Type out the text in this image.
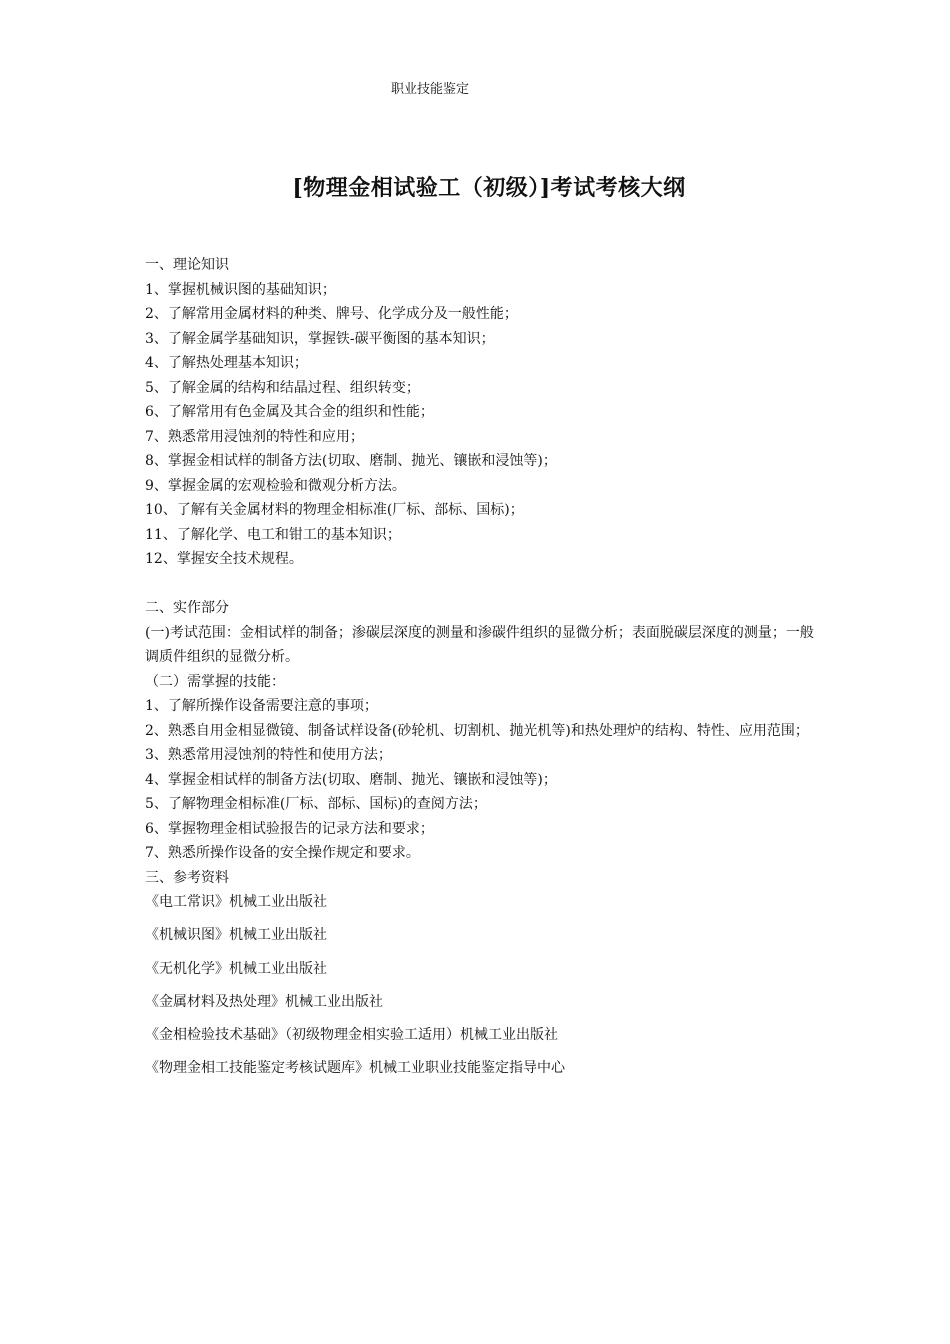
职业技能鉴定
[物理金相试验工（初级）]考试考核大纲
一、理论知识
1、掌握机械识图的基础知识；
2、了解常用金属材料的种类、牌号、化学成分及一般性能；
3、了解金属学基础知识，掌握铁-碳平衡图的基本知识；
4、了解热处理基本知识；
5、了解金属的结构和结晶过程、组织转变；
6、了解常用有色金属及其合金的组织和性能；
7、熟悉常用浸蚀剂的特性和应用；
8、掌握金相试样的制备方法(切取、磨制、抛光、镶嵌和浸蚀等)；
9、掌握金属的宏观检验和微观分析方法。
10、了解有关金属材料的物理金相标准(厂标、部标、国标)；
11、了解化学、电工和钳工的基本知识；
12、掌握安全技术规程。
二、实作部分
(一)考试范围：金相试样的制备；渗碳层深度的测量和渗碳件组织的显微分析；表面脱碳层深度的测量；一般调质件组织的显微分析。
（二）需掌握的技能：
1、了解所操作设备需要注意的事项；
2、熟悉自用金相显微镜、制备试样设备(砂轮机、切割机、抛光机等)和热处理炉的结构、特性、应用范围；
3、熟悉常用浸蚀剂的特性和使用方法；
4、掌握金相试样的制备方法(切取、磨制、抛光、镶嵌和浸蚀等)；
5、了解物理金相标准(厂标、部标、国标)的查阅方法；
6、掌握物理金相试验报告的记录方法和要求；
7、熟悉所操作设备的安全操作规定和要求。
三、参考资料
《电工常识》机械工业出版社
《机械识图》机械工业出版社
《无机化学》机械工业出版社
《金属材料及热处理》机械工业出版社
《金相检验技术基础》（初级物理金相实验工适用）机械工业出版社
《物理金相工技能鉴定考核试题库》机械工业职业技能鉴定指导中心
